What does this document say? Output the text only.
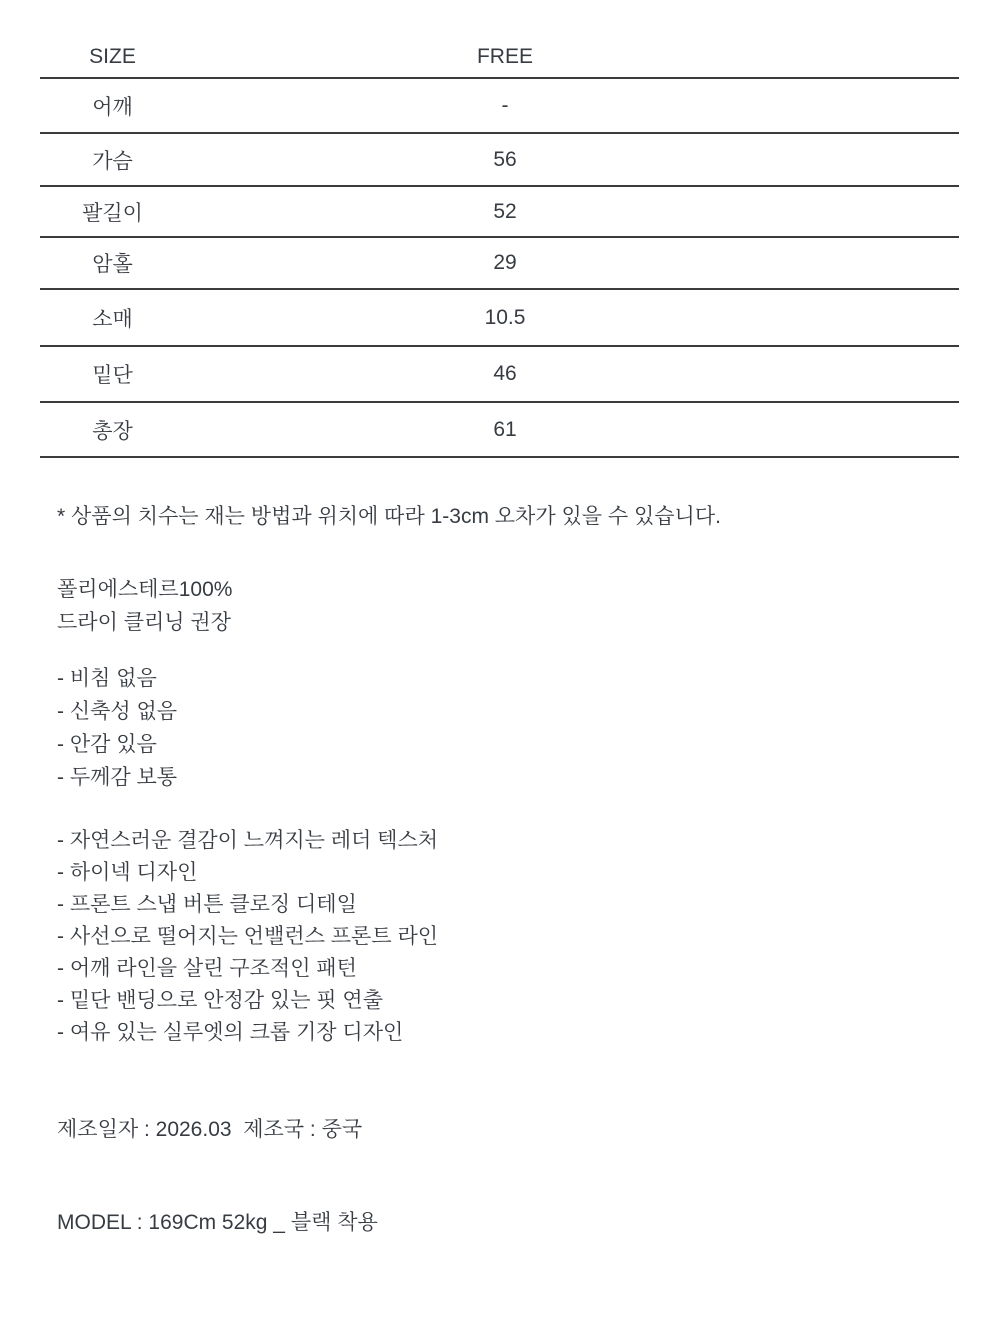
SIZE	FREE
어깨	-
가슴	56
팔길이	52
암홀	29
소매	10.5
밑단	46
총장	61
* 상품의 치수는 재는 방법과 위치에 따라 1-3cm 오차가 있을 수 있습니다.
폴리에스테르100%
드라이 클리닝 권장
- 비침 없음
- 신축성 없음
- 안감 있음
- 두께감 보통
- 자연스러운 결감이 느껴지는 레더 텍스처
- 하이넥 디자인
- 프론트 스냅 버튼 클로징 디테일
- 사선으로 떨어지는 언밸런스 프론트 라인
- 어깨 라인을 살린 구조적인 패턴
- 밑단 밴딩으로 안정감 있는 핏 연출
- 여유 있는 실루엣의 크롭 기장 디자인
제조일자 : 2026.03  제조국 : 중국
MODEL : 169Cm 52kg _ 블랙 착용
